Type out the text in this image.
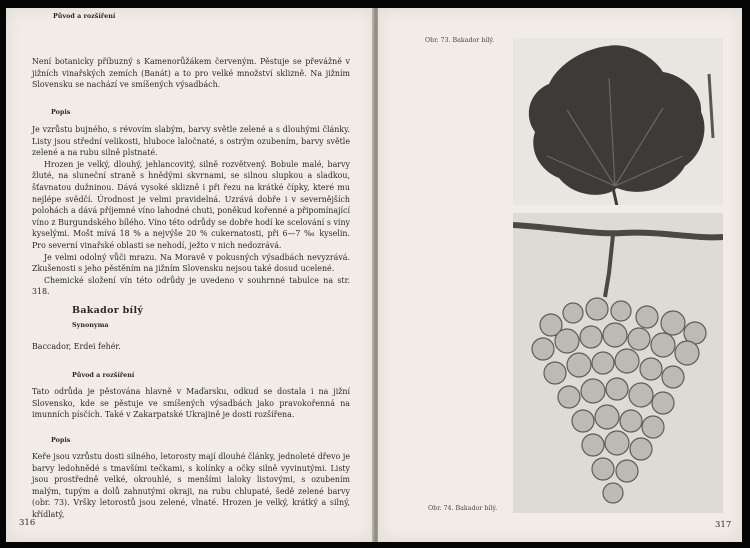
Původ a rozšíření

Není botanicky příbuzný s Kamenorůžákem červeným. Pěstuje se převážně v jižních vinařských zemích (Banát) a to pro velké množství sklizně. Na jižním Slovensku se nachází ve smíšených výsadbách.

Popis

Je vzrůstu bujného, s révovím slabým, barvy světle zelené a s dlouhými články. Listy jsou střední velikosti, hluboce laločnaté, s ostrým ozubením, barvy světle zelené a na rubu silně plstnaté.

Hrozen je velký, dlouhý, jehlancovitý, silně rozvětvený. Bobule malé, barvy žluté, na sluneční straně s hnědými skvrnami, se silnou slupkou a sladkou, šťavnatou dužninou. Dává vysoké sklizně i při řezu na krátké čípky, které mu nejlépe svědčí. Úrodnost je velmi pravidelná. Uzrává dobře i v severnějších polohách a dává příjemné víno lahodné chuti, poněkud kořenné a připomínající víno z Burgundského bílého. Víno této odrůdy se dobře hodí ke scelování s víny kyselými. Mošt mívá 18 % a nejvýše 20 % cukernatosti, při 6—7 ‰ kyselin. Pro severní vinařské oblasti se nehodí, ježto v nich nedozrává.

Je velmi odolný vůči mrazu. Na Moravě v pokusných výsadbách nevyzrává. Zkušenosti s jeho pěstěním na jižním Slovensku nejsou také dosud ucelené.

Chemické složení vín této odrůdy je uvedeno v souhrnné tabulce na str. 318.

Bakador bílý

Synonyma

Baccador, Erdei fehér.

Původ a rozšíření

Tato odrůda je pěstována hlavně v Maďarsku, odkud se dostala i na jižní Slovensko, kde se pěstuje ve smíšených výsadbách jako pravokořenná na imunních písčích. Také v Zakarpatské Ukrajině je dosti rozšířena.

Popis

Keře jsou vzrůstu dosti silného, letorosty mají dlouhé články, jednoleté dřevo je barvy ledohnědé s tmavšími tečkami, s kolínky a očky silně vyvinutými. Listy jsou prostředně velké, okrouhlé, s menšími laloky listovými, s ozubením malým, tupým a dolů zahnutými okraji, na rubu chlupaté, šedě zelené barvy (obr. 73). Vršky letorostů jsou zelené, vlnaté. Hrozen je velký, krátký a silný, křídlatý,

316
Obr. 73. Bakador bílý.
Obr. 74. Bakador bílý.
317
